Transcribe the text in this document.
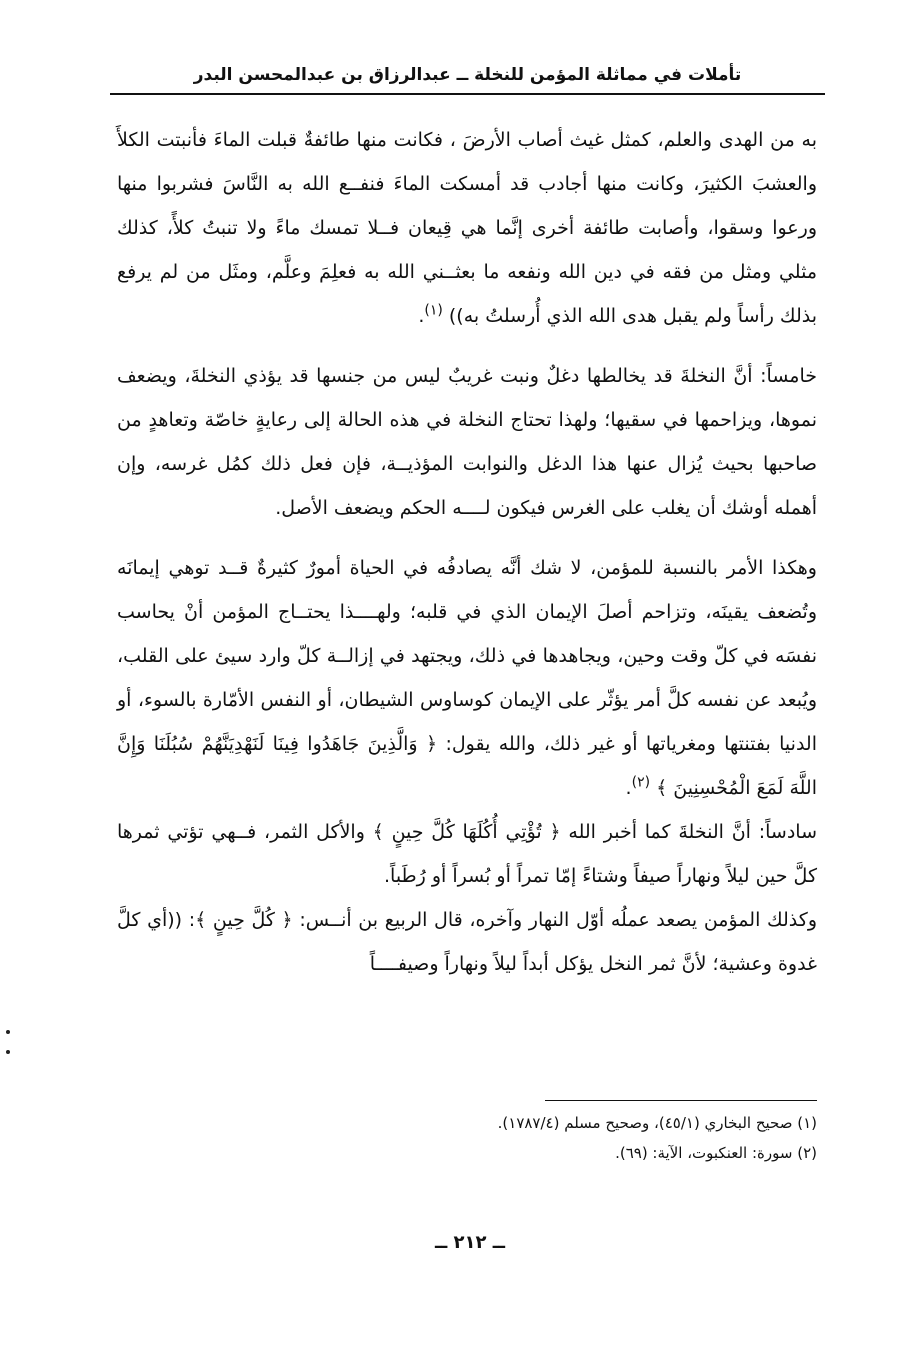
تأملات في مماثلة المؤمن للنخلة ــ عبدالرزاق بن عبدالمحسن البدر

به من الهدى والعلم، كمثل غيث أصاب الأرضَ ، فكانت منها طائفةٌ قبلت الماءَ فأنبتت الكلأَ والعشبَ الكثيرَ، وكانت منها أجادب قد أمسكت الماءَ فنفــع الله به النَّاسَ فشربوا منها ورعوا وسقوا، وأصابت طائفة أخرى إنَّما هي قِيعان فــلا تمسك ماءً ولا تنبتُ كلأً، كذلك مثلي ومثل من فقه في دين الله ونفعه ما بعثــني الله به فعلِمَ وعلَّم، ومثَل من لم يرفع بذلك رأساً ولم يقبل هدى الله الذي أُرسلتُ به)) $^{(١)}$.

خامساً: أنَّ النخلةَ قد يخالطها دغلٌ ونبت غريبٌ ليس من جنسها قد يؤذي النخلةَ، ويضعف نموها، ويزاحمها في سقيها؛ ولهذا تحتاج النخلة في هذه الحالة إلى رعايةٍ خاصّة وتعاهدٍ من صاحبها بحيث يُزال عنها هذا الدغل والنوابت المؤذيــة، فإن فعل ذلك كمُل غرسه، وإن أهمله أوشك أن يغلب على الغرس فيكون لــــه الحكم ويضعف الأصل.

وهكذا الأمر بالنسبة للمؤمن، لا شك أنَّه يصادفُه في الحياة أمورٌ كثيرةٌ قــد توهي إيمانَه وتُضعف يقينَه، وتزاحم أصلَ الإيمان الذي في قلبه؛ ولهــــذا يحتــاج المؤمن أنْ يحاسب نفسَه في كلّ وقت وحين، ويجاهدها في ذلك، ويجتهد في إزالــة كلّ وارد سيئ على القلب، ويُبعد عن نفسه كلَّ أمر يؤثّر على الإيمان كوساوس الشيطان، أو النفس الأمّارة بالسوء، أو الدنيا بفتنتها ومغرياتها أو غير ذلك، والله يقول: ﴿ وَالَّذِينَ جَاهَدُوا فِينَا لَنَهْدِيَنَّهُمْ سُبُلَنَا وَإِنَّ اللَّهَ لَمَعَ الْمُحْسِنِينَ ﴾ $^{(٢)}$.

سادساً: أنَّ النخلةَ كما أخبر الله ﴿ تُؤْتِي أُكُلَهَا كُلَّ حِينٍ ﴾ والأكل الثمر، فــهي تؤتي ثمرها كلَّ حين ليلاً ونهاراً صيفاً وشتاءً إمّا تمراً أو بُسراً أو رُطَباً.

وكذلك المؤمن يصعد عملُه أوّل النهار وآخره، قال الربيع بن أنــس: ﴿ كُلَّ حِينٍ ﴾: ((أي كلَّ غدوة وعشية؛ لأنَّ ثمر النخل يؤكل أبداً ليلاً ونهاراً وصيفــــاً

(١) صحيح البخاري (٤٥/١)، وصحيح مسلم (١٧٨٧/٤).
(٢) سورة: العنكبوت، الآية: (٦٩).
ــ ٢١٢ ــ
